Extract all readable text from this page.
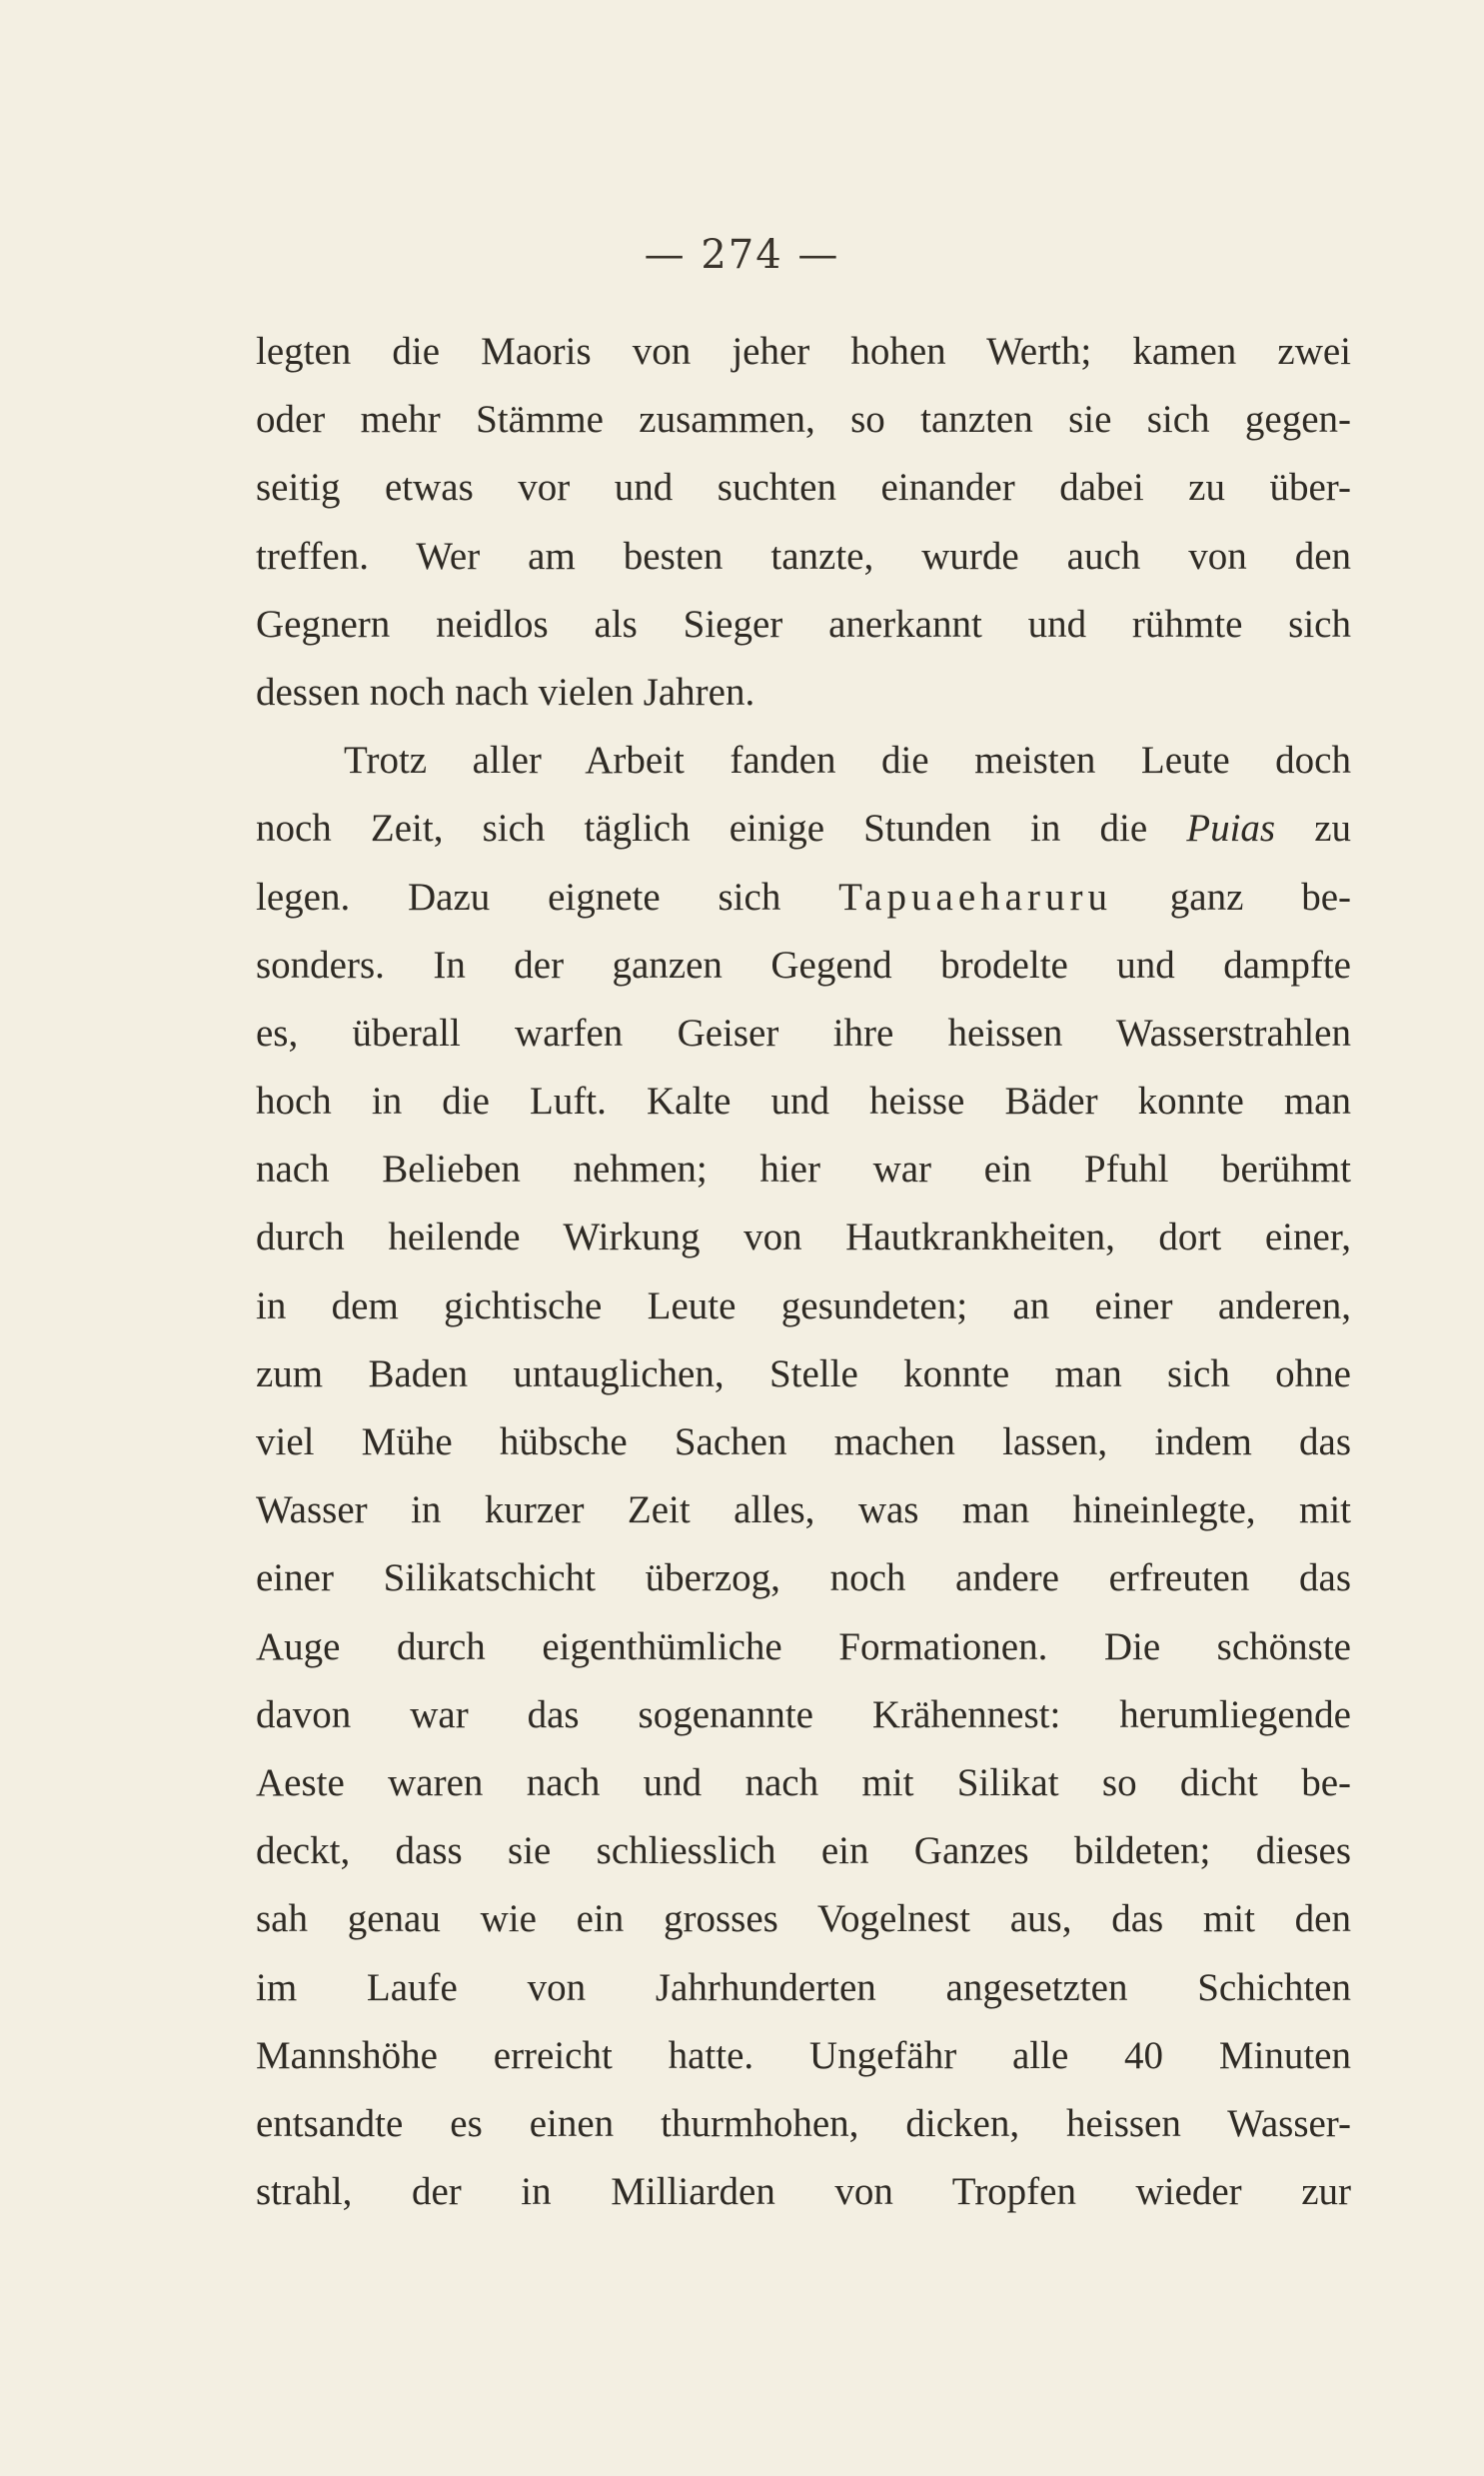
— 274 —
legten die Maoris von jeher hohen Werth; kamen zwei
oder mehr Stämme zusammen, so tanzten sie sich gegen-
seitig etwas vor und suchten einander dabei zu über-
treffen. Wer am besten tanzte, wurde auch von den
Gegnern neidlos als Sieger anerkannt und rühmte sich
dessen noch nach vielen Jahren.
Trotz aller Arbeit fanden die meisten Leute doch
noch Zeit, sich täglich einige Stunden in die Puias zu
legen. Dazu eignete sich Tapuaeharuru ganz be-
sonders. In der ganzen Gegend brodelte und dampfte
es, überall warfen Geiser ihre heissen Wasserstrahlen
hoch in die Luft. Kalte und heisse Bäder konnte man
nach Belieben nehmen; hier war ein Pfuhl berühmt
durch heilende Wirkung von Hautkrankheiten, dort einer,
in dem gichtische Leute gesundeten; an einer anderen,
zum Baden untauglichen, Stelle konnte man sich ohne
viel Mühe hübsche Sachen machen lassen, indem das
Wasser in kurzer Zeit alles, was man hineinlegte, mit
einer Silikatschicht überzog, noch andere erfreuten das
Auge durch eigenthümliche Formationen. Die schönste
davon war das sogenannte Krähennest: herumliegende
Aeste waren nach und nach mit Silikat so dicht be-
deckt, dass sie schliesslich ein Ganzes bildeten; dieses
sah genau wie ein grosses Vogelnest aus, das mit den
im Laufe von Jahrhunderten angesetzten Schichten
Mannshöhe erreicht hatte. Ungefähr alle 40 Minuten
entsandte es einen thurmhohen, dicken, heissen Wasser-
strahl, der in Milliarden von Tropfen wieder zur
